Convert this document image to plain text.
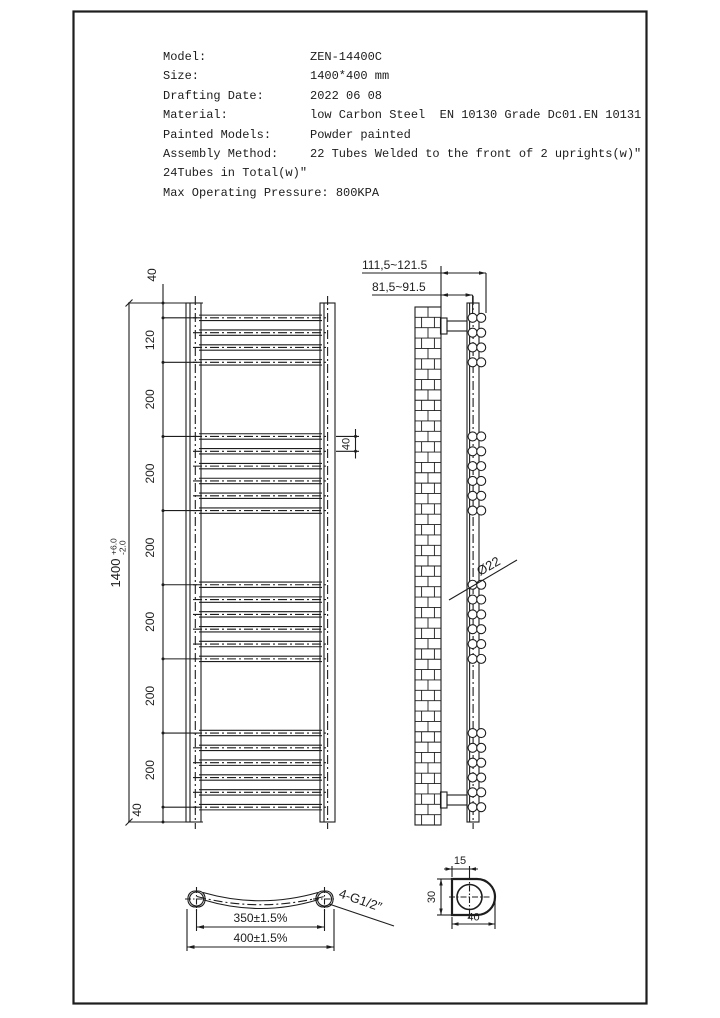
Model:	ZEN-14400C
Size:	1400*400 mm
Drafting Date:	2022 06 08
Material:	low Carbon Steel  EN 10130 Grade Dc01.EN 10131
Painted Models:	Powder painted
Assembly Method:	22 Tubes Welded to the front of 2 uprights(w)″
24Tubes in Total(w)″
Max Operating Pressure: 800KPA
40
120
200
200
200
200
200
200
40
1400
+6.0 -2.0
40
111,5~121.5
81,5~91.5
Ø22
350±1.5%
400±1.5%
4-G1/2″
15
30
40
